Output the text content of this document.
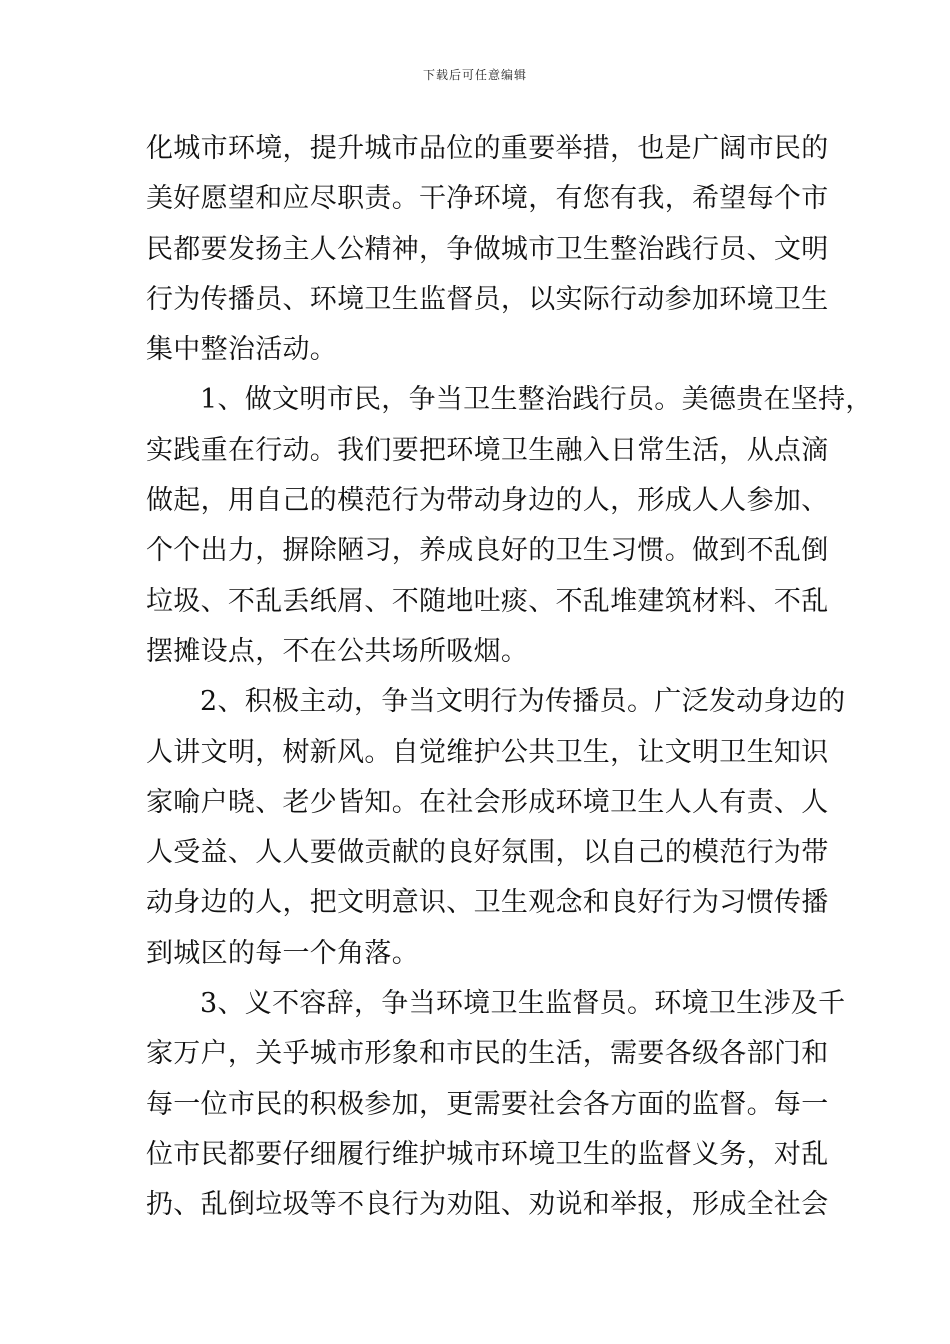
下载后可任意编辑
化城市环境，提升城市品位的重要举措，也是广阔市民的
美好愿望和应尽职责。干净环境，有您有我，希望每个市
民都要发扬主人公精神，争做城市卫生整治践行员、文明
行为传播员、环境卫生监督员，以实际行动参加环境卫生
集中整治活动。
1、做文明市民，争当卫生整治践行员。美德贵在坚持，
实践重在行动。我们要把环境卫生融入日常生活，从点滴
做起，用自己的模范行为带动身边的人，形成人人参加、
个个出力，摒除陋习，养成良好的卫生习惯。做到不乱倒
垃圾、不乱丢纸屑、不随地吐痰、不乱堆建筑材料、不乱
摆摊设点，不在公共场所吸烟。
2、积极主动，争当文明行为传播员。广泛发动身边的
人讲文明，树新风。自觉维护公共卫生，让文明卫生知识
家喻户晓、老少皆知。在社会形成环境卫生人人有责、人
人受益、人人要做贡献的良好氛围，以自己的模范行为带
动身边的人，把文明意识、卫生观念和良好行为习惯传播
到城区的每一个角落。
3、义不容辞，争当环境卫生监督员。环境卫生涉及千
家万户，关乎城市形象和市民的生活，需要各级各部门和
每一位市民的积极参加，更需要社会各方面的监督。每一
位市民都要仔细履行维护城市环境卫生的监督义务，对乱
扔、乱倒垃圾等不良行为劝阻、劝说和举报，形成全社会
